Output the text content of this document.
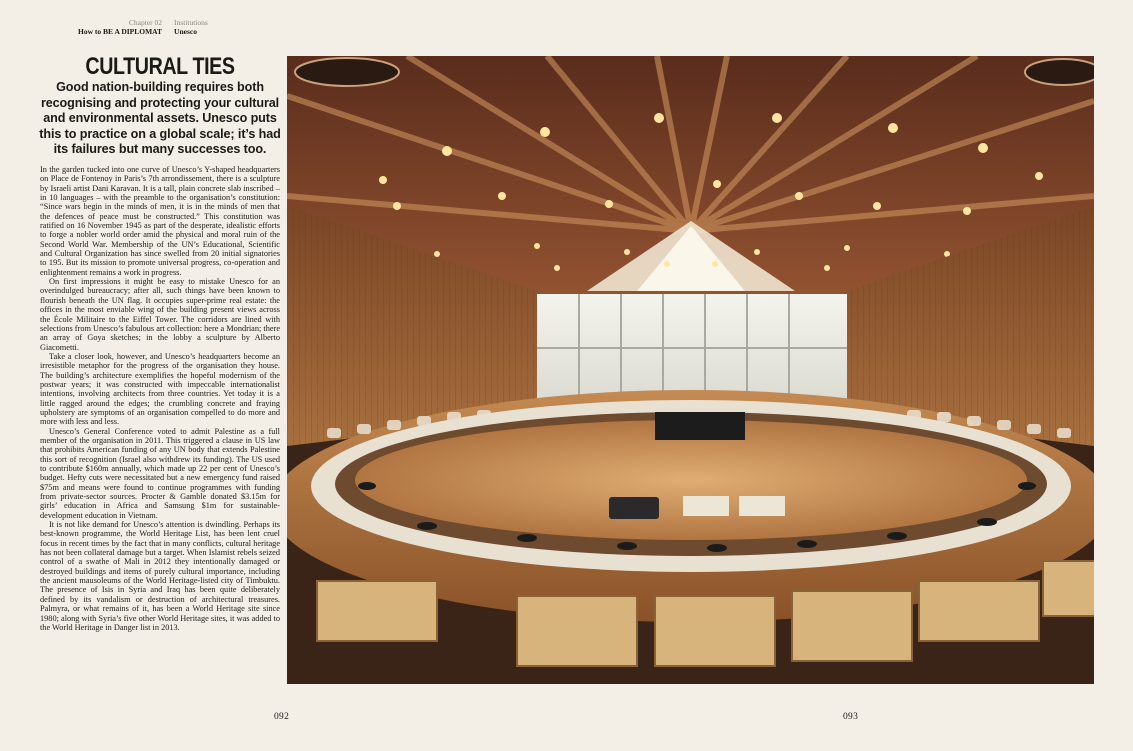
Chapter 02
How to BE A DIPLOMAT
Institutions
Unesco
CULTURAL TIES

Good nation-building requires both recognising and protecting your cultural and environmental assets. Unesco puts this to practice on a global scale; it’s had its failures but many successes too.

In the garden tucked into one curve of Unesco’s Y-shaped headquarters on Place de Fontenoy in Paris’s 7th arrondissement, there is a sculpture by Israeli artist Dani Karavan. It is a tall, plain concrete slab inscribed – in 10 languages – with the preamble to the organisation’s constitution: “Since wars begin in the minds of men, it is in the minds of men that the defences of peace must be constructed.” This constitution was ratified on 16 November 1945 as part of the desperate, idealistic efforts to forge a nobler world order amid the physical and moral ruin of the Second World War. Membership of the UN’s Educational, Scientific and Cultural Organization has since swelled from 20 initial signatories to 195. But its mission to promote universal progress, co-operation and enlightenment remains a work in progress.

On first impressions it might be easy to mistake Unesco for an overindulged bureaucracy; after all, such things have been known to flourish beneath the UN flag. It occupies super-prime real estate: the offices in the most enviable wing of the building present views across the École Militaire to the Eiffel Tower. The corridors are lined with selections from Unesco’s fabulous art collection: here a Mondrian; there an array of Goya sketches; in the lobby a sculpture by Alberto Giacometti.

Take a closer look, however, and Unesco’s headquarters become an irresistible metaphor for the progress of the organisation they house. The building’s architecture exemplifies the hopeful modernism of the postwar years; it was constructed with impeccable internationalist intentions, involving architects from three countries. Yet today it is a little ragged around the edges; the crumbling concrete and fraying upholstery are symptoms of an organisation compelled to do more and more with less and less.

Unesco’s General Conference voted to admit Palestine as a full member of the organisation in 2011. This triggered a clause in US law that prohibits American funding of any UN body that extends Palestine this sort of recognition (Israel also withdrew its funding). The US used to contribute $160m annually, which made up 22 per cent of Unesco’s budget. Hefty cuts were necessitated but a new emergency fund raised $75m and means were found to continue programmes with funding from private-sector sources. Procter & Gamble donated $3.15m for girls’ education in Africa and Samsung $1m for sustainable-development education in Vietnam.

It is not like demand for Unesco’s attention is dwindling. Perhaps its best-known programme, the World Heritage List, has been lent cruel focus in recent times by the fact that in many conflicts, cultural heritage has not been collateral damage but a target. When Islamist rebels seized control of a swathe of Mali in 2012 they intentionally damaged or destroyed buildings and items of purely cultural importance, including the ancient mausoleums of the World Heritage-listed city of Timbuktu. The presence of Isis in Syria and Iraq has been quite deliberately defined by its vandalism or destruction of architectural treasures. Palmyra, or what remains of it, has been a World Heritage site since 1980; along with Syria’s five other World Heritage sites, it was added to the World Heritage in Danger list in 2013.

092	093
